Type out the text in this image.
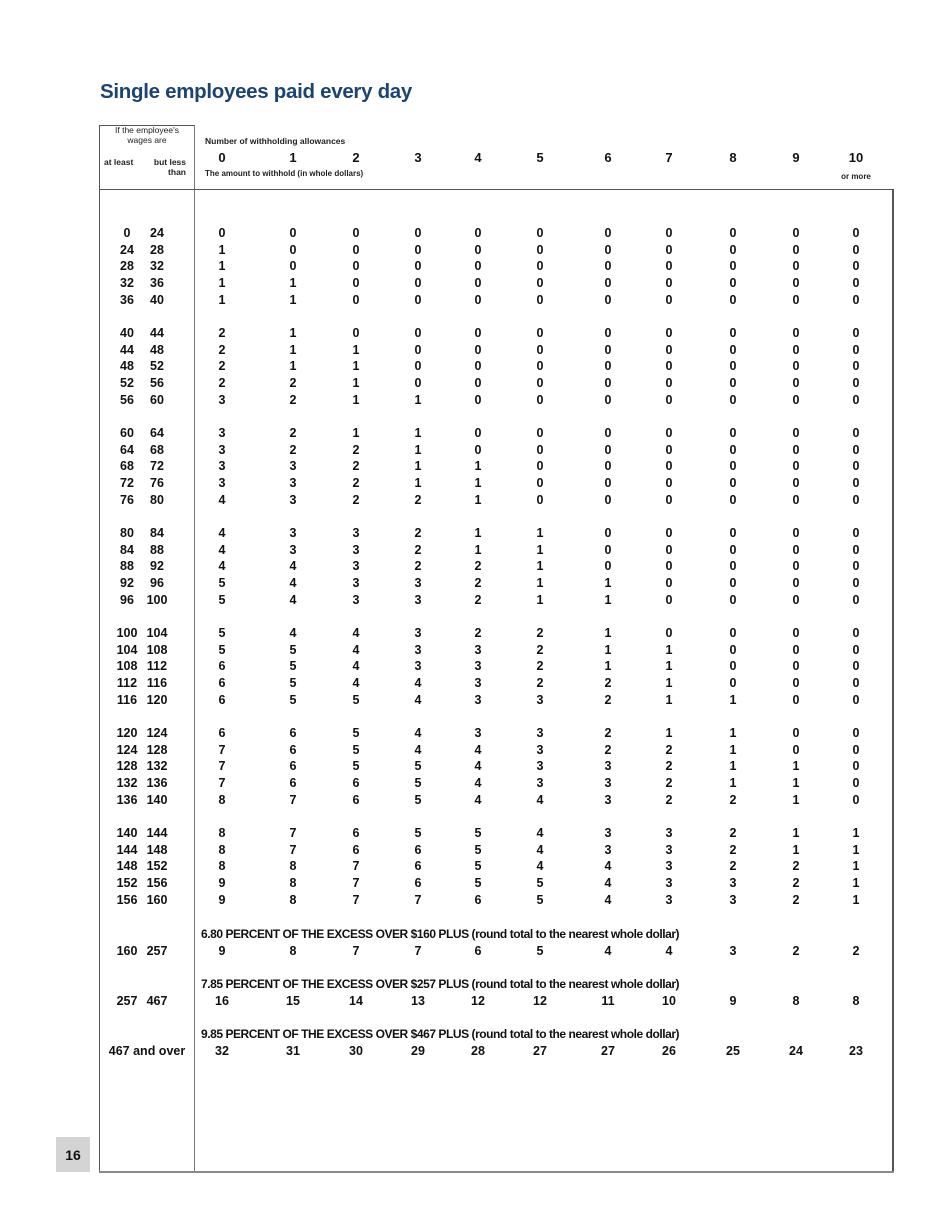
Single employees paid every day
If the employee's
wages are
at least	but less
than
Number of withholding allowances
0	1	2	3	4	5	6	7	8	9	10
The amount to withhold (in whole dollars)	or more
0	24	0	0	0	0	0	0	0	0	0	0	0
24	28	1	0	0	0	0	0	0	0	0	0	0
28	32	1	0	0	0	0	0	0	0	0	0	0
32	36	1	1	0	0	0	0	0	0	0	0	0
36	40	1	1	0	0	0	0	0	0	0	0	0
40	44	2	1	0	0	0	0	0	0	0	0	0
44	48	2	1	1	0	0	0	0	0	0	0	0
48	52	2	1	1	0	0	0	0	0	0	0	0
52	56	2	2	1	0	0	0	0	0	0	0	0
56	60	3	2	1	1	0	0	0	0	0	0	0
60	64	3	2	1	1	0	0	0	0	0	0	0
64	68	3	2	2	1	0	0	0	0	0	0	0
68	72	3	3	2	1	1	0	0	0	0	0	0
72	76	3	3	2	1	1	0	0	0	0	0	0
76	80	4	3	2	2	1	0	0	0	0	0	0
80	84	4	3	3	2	1	1	0	0	0	0	0
84	88	4	3	3	2	1	1	0	0	0	0	0
88	92	4	4	3	2	2	1	0	0	0	0	0
92	96	5	4	3	3	2	1	1	0	0	0	0
96	100	5	4	3	3	2	1	1	0	0	0	0
100 104	5	4	4	3	2	2	1	0	0	0	0
104 108	5	5	4	3	3	2	1	1	0	0	0
108 112	6	5	4	3	3	2	1	1	0	0	0
112 116	6	5	4	4	3	2	2	1	0	0	0
116 120	6	5	5	4	3	3	2	1	1	0	0
120 124	6	6	5	4	3	3	2	1	1	0	0
124 128	7	6	5	4	4	3	2	2	1	0	0
128 132	7	6	5	5	4	3	3	2	1	1	0
132 136	7	6	6	5	4	3	3	2	1	1	0
136 140	8	7	6	5	4	4	3	2	2	1	0
140 144	8	7	6	5	5	4	3	3	2	1	1
144 148	8	7	6	6	5	4	3	3	2	1	1
148 152	8	8	7	6	5	4	4	3	2	2	1
152 156	9	8	7	6	5	5	4	3	3	2	1
156 160	9	8	7	7	6	5	4	3	3	2	1
6.80 PERCENT OF THE EXCESS OVER $160 PLUS (round total to the nearest whole dollar)
160 257	9	8	7	7	6	5	4	4	3	2	2
7.85 PERCENT OF THE EXCESS OVER $257 PLUS (round total to the nearest whole dollar)
257 467	16	15	14	13	12	12	11	10	9	8	8
9.85 PERCENT OF THE EXCESS OVER $467 PLUS (round total to the nearest whole dollar)
467 and over	32	31	30	29	28	27	27	26	25	24	23
16
